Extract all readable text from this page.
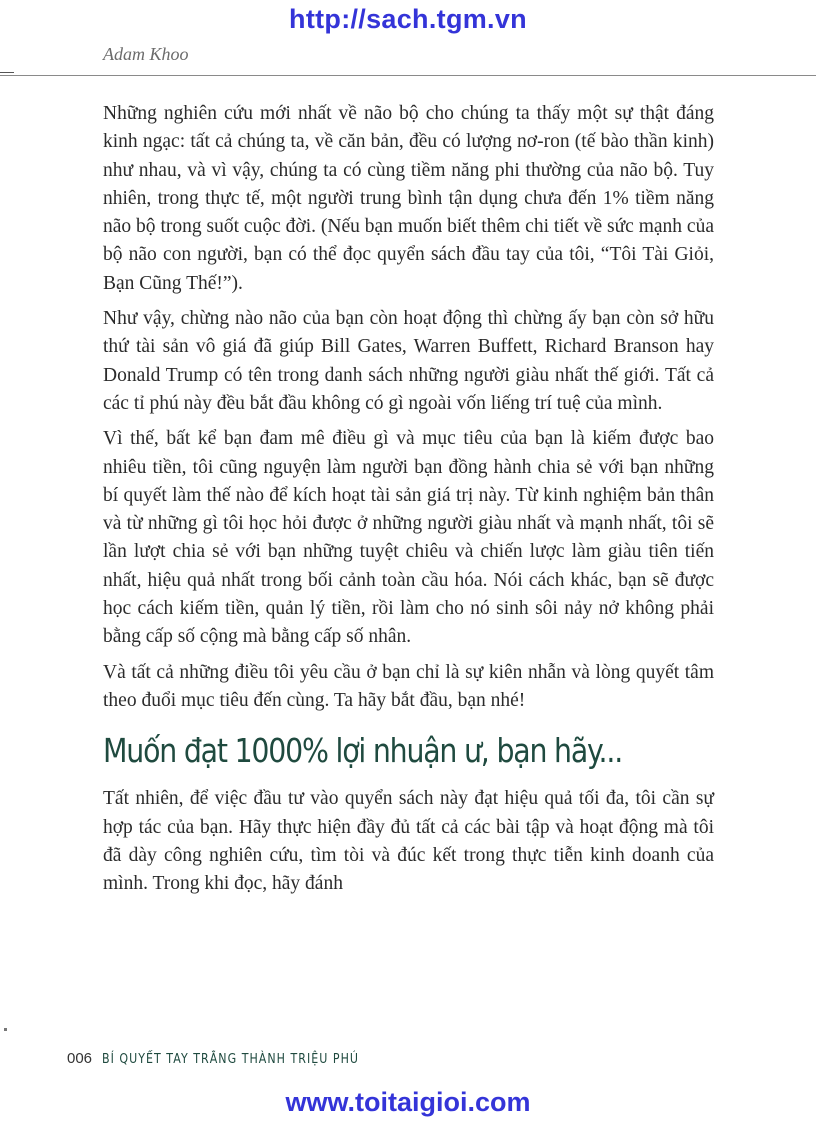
http://sach.tgm.vn
Adam Khoo

Những nghiên cứu mới nhất về não bộ cho chúng ta thấy một sự thật đáng kinh ngạc: tất cả chúng ta, về căn bản, đều có lượng nơ-ron (tế bào thần kinh) như nhau, và vì vậy, chúng ta có cùng tiềm năng phi thường của não bộ. Tuy nhiên, trong thực tế, một người trung bình tận dụng chưa đến 1% tiềm năng não bộ trong suốt cuộc đời. (Nếu bạn muốn biết thêm chi tiết về sức mạnh của bộ não con người, bạn có thể đọc quyển sách đầu tay của tôi, “Tôi Tài Giỏi, Bạn Cũng Thế!”).

Như vậy, chừng nào não của bạn còn hoạt động thì chừng ấy bạn còn sở hữu thứ tài sản vô giá đã giúp Bill Gates, Warren Buffett, Richard Branson hay Donald Trump có tên trong danh sách những người giàu nhất thế giới. Tất cả các tỉ phú này đều bắt đầu không có gì ngoài vốn liếng trí tuệ của mình.

Vì thế, bất kể bạn đam mê điều gì và mục tiêu của bạn là kiếm được bao nhiêu tiền, tôi cũng nguyện làm người bạn đồng hành chia sẻ với bạn những bí quyết làm thế nào để kích hoạt tài sản giá trị này. Từ kinh nghiệm bản thân và từ những gì tôi học hỏi được ở những người giàu nhất và mạnh nhất, tôi sẽ lần lượt chia sẻ với bạn những tuyệt chiêu và chiến lược làm giàu tiên tiến nhất, hiệu quả nhất trong bối cảnh toàn cầu hóa. Nói cách khác, bạn sẽ được học cách kiếm tiền, quản lý tiền, rồi làm cho nó sinh sôi nảy nở không phải bằng cấp số cộng mà bằng cấp số nhân.

Và tất cả những điều tôi yêu cầu ở bạn chỉ là sự kiên nhẫn và lòng quyết tâm theo đuổi mục tiêu đến cùng. Ta hãy bắt đầu, bạn nhé!

Muốn đạt 1000% lợi nhuận ư, bạn hãy...

Tất nhiên, để việc đầu tư vào quyển sách này đạt hiệu quả tối đa, tôi cần sự hợp tác của bạn. Hãy thực hiện đầy đủ tất cả các bài tập và hoạt động mà tôi đã dày công nghiên cứu, tìm tòi và đúc kết trong thực tiễn kinh doanh của mình. Trong khi đọc, hãy đánh

006 BÍ QUYẾT TAY TRẮNG THÀNH TRIỆU PHÚ
www.toitaigioi.com
